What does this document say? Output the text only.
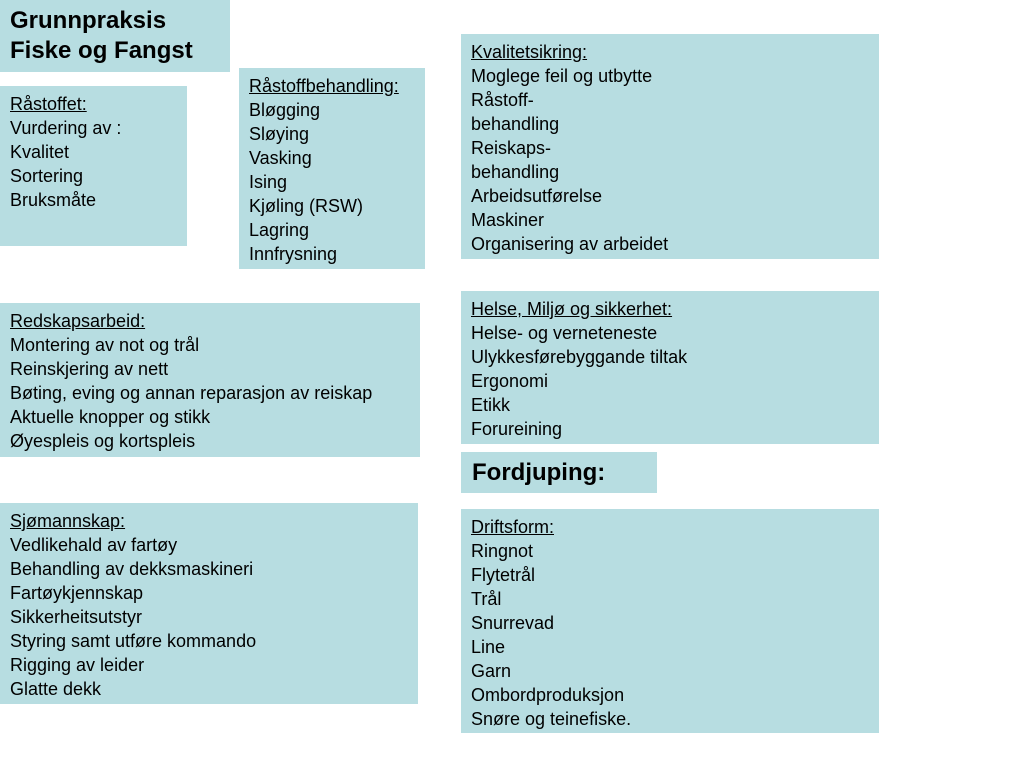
Grunnpraksis
Fiske og Fangst
Råstoffet:
Vurdering av :
Kvalitet
Sortering
Bruksmåte
Råstoffbehandling:
Bløgging
Sløying
Vasking
Ising
Kjøling (RSW)
Lagring
Innfrysning
Kvalitetsikring:
Moglege feil og utbytte
Råstoff-
behandling
Reiskaps-
behandling
Arbeidsutførelse
Maskiner
Organisering av arbeidet
Redskapsarbeid:
Montering av not og trål
Reinskjering av nett
Bøting, eving og annan reparasjon av reiskap
Aktuelle knopper og stikk
Øyespleis og kortspleis
Helse, Miljø og sikkerhet:
Helse- og verneteneste
Ulykkesførebyggande tiltak
Ergonomi
Etikk
Forureining
Fordjuping:
Sjømannskap:
Vedlikehald av fartøy
Behandling av dekksmaskineri
Fartøykjennskap
Sikkerheitsutstyr
Styring samt utføre kommando
Rigging av leider
Glatte dekk
Driftsform:
Ringnot
Flytetrål
Trål
Snurrevad
Line
Garn
Ombordproduksjon
Snøre og teinefiske.
